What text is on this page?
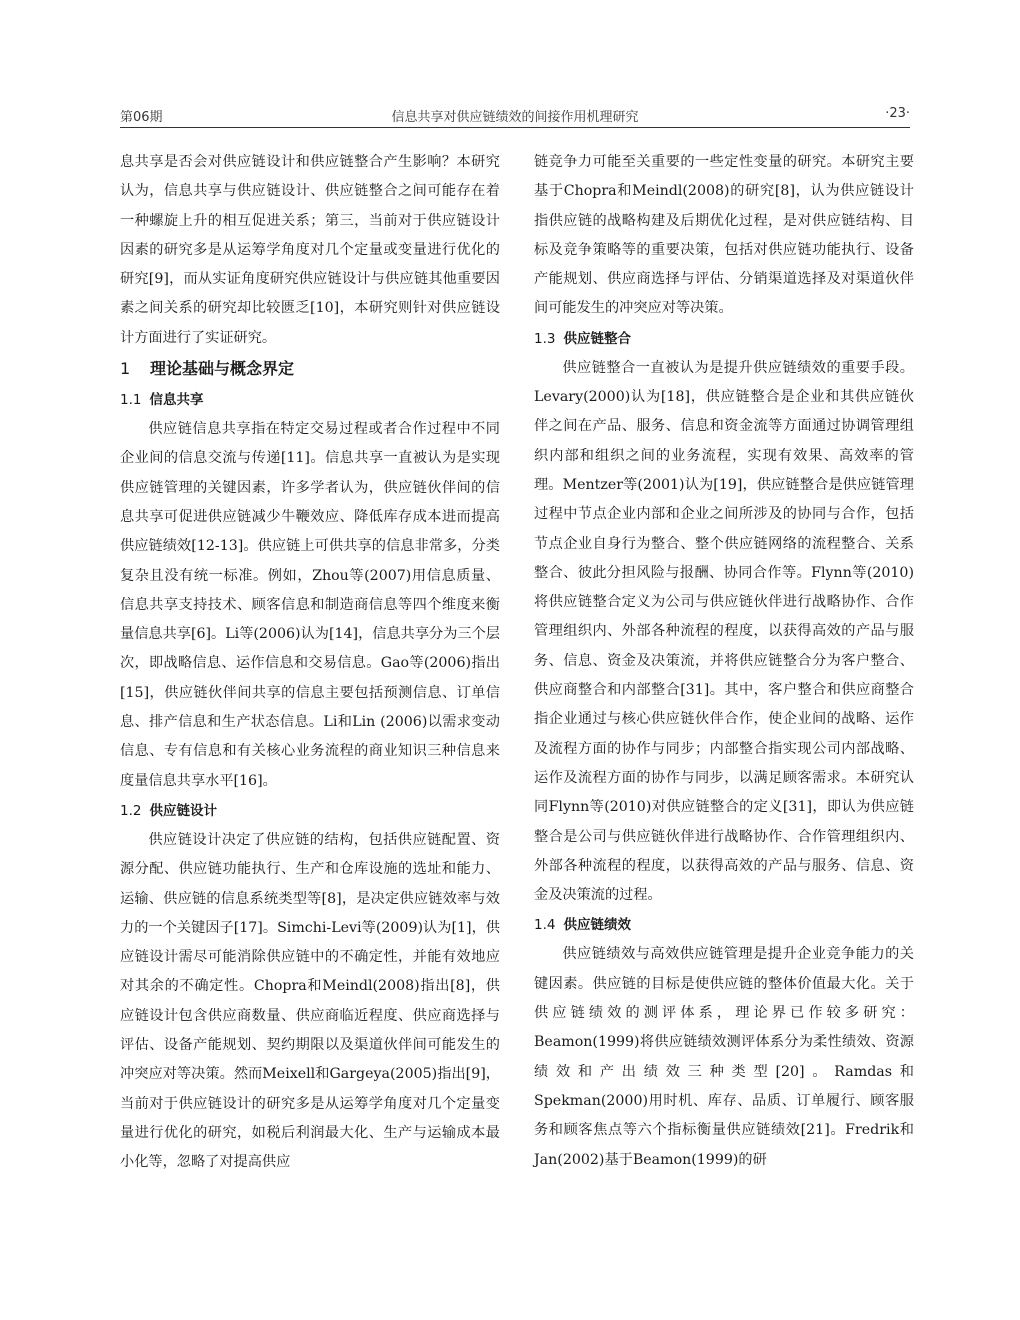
第06期	信息共享对供应链绩效的间接作用机理研究	·23·

息共享是否会对供应链设计和供应链整合产生影响？本研究认为，信息共享与供应链设计、供应链整合之间可能存在着一种螺旋上升的相互促进关系；第三，当前对于供应链设计因素的研究多是从运筹学角度对几个定量或变量进行优化的研究[9]，而从实证角度研究供应链设计与供应链其他重要因素之间关系的研究却比较匮乏[10]，本研究则针对供应链设计方面进行了实证研究。

1 理论基础与概念界定
1.1 信息共享

供应链信息共享指在特定交易过程或者合作过程中不同企业间的信息交流与传递[11]。信息共享一直被认为是实现供应链管理的关键因素，许多学者认为，供应链伙伴间的信息共享可促进供应链减少牛鞭效应、降低库存成本进而提高供应链绩效[12-13]。供应链上可供共享的信息非常多，分类复杂且没有统一标准。例如，Zhou等(2007)用信息质量、信息共享支持技术、顾客信息和制造商信息等四个维度来衡量信息共享[6]。Li等(2006)认为[14]，信息共享分为三个层次，即战略信息、运作信息和交易信息。Gao等(2006)指出[15]，供应链伙伴间共享的信息主要包括预测信息、订单信息、排产信息和生产状态信息。Li和Lin (2006)以需求变动信息、专有信息和有关核心业务流程的商业知识三种信息来度量信息共享水平[16]。

1.2 供应链设计

供应链设计决定了供应链的结构，包括供应链配置、资源分配、供应链功能执行、生产和仓库设施的选址和能力、运输、供应链的信息系统类型等[8]，是决定供应链效率与效力的一个关键因子[17]。Simchi-Levi等(2009)认为[1]，供应链设计需尽可能消除供应链中的不确定性，并能有效地应对其余的不确定性。Chopra和Meindl(2008)指出[8]，供应链设计包含供应商数量、供应商临近程度、供应商选择与评估、设备产能规划、契约期限以及渠道伙伴间可能发生的冲突应对等决策。然而Meixell和Gargeya(2005)指出[9]，当前对于供应链设计的研究多是从运筹学角度对几个定量变量进行优化的研究，如税后利润最大化、生产与运输成本最小化等，忽略了对提高供应

链竞争力可能至关重要的一些定性变量的研究。本研究主要基于Chopra和Meindl(2008)的研究[8]，认为供应链设计指供应链的战略构建及后期优化过程，是对供应链结构、目标及竞争策略等的重要决策，包括对供应链功能执行、设备产能规划、供应商选择与评估、分销渠道选择及对渠道伙伴间可能发生的冲突应对等决策。

1.3 供应链整合

供应链整合一直被认为是提升供应链绩效的重要手段。Levary(2000)认为[18]，供应链整合是企业和其供应链伙伴之间在产品、服务、信息和资金流等方面通过协调管理组织内部和组织之间的业务流程，实现有效果、高效率的管理。Mentzer等(2001)认为[19]，供应链整合是供应链管理过程中节点企业内部和企业之间所涉及的协同与合作，包括节点企业自身行为整合、整个供应链网络的流程整合、关系整合、彼此分担风险与报酬、协同合作等。Flynn等(2010)将供应链整合定义为公司与供应链伙伴进行战略协作、合作管理组织内、外部各种流程的程度，以获得高效的产品与服务、信息、资金及决策流，并将供应链整合分为客户整合、供应商整合和内部整合[31]。其中，客户整合和供应商整合指企业通过与核心供应链伙伴合作，使企业间的战略、运作及流程方面的协作与同步；内部整合指实现公司内部战略、运作及流程方面的协作与同步，以满足顾客需求。本研究认同Flynn等(2010)对供应链整合的定义[31]，即认为供应链整合是公司与供应链伙伴进行战略协作、合作管理组织内、外部各种流程的程度，以获得高效的产品与服务、信息、资金及决策流的过程。

1.4 供应链绩效

供应链绩效与高效供应链管理是提升企业竞争能力的关键因素。供应链的目标是使供应链的整体价值最大化。关于供应链绩效的测评体系，理论界已作较多研究：Beamon(1999)将供应链绩效测评体系分为柔性绩效、资源绩效和产出绩效三种类型[20]。Ramdas和Spekman(2000)用时机、库存、品质、订单履行、顾客服务和顾客焦点等六个指标衡量供应链绩效[21]。Fredrik和Jan(2002)基于Beamon(1999)的研
